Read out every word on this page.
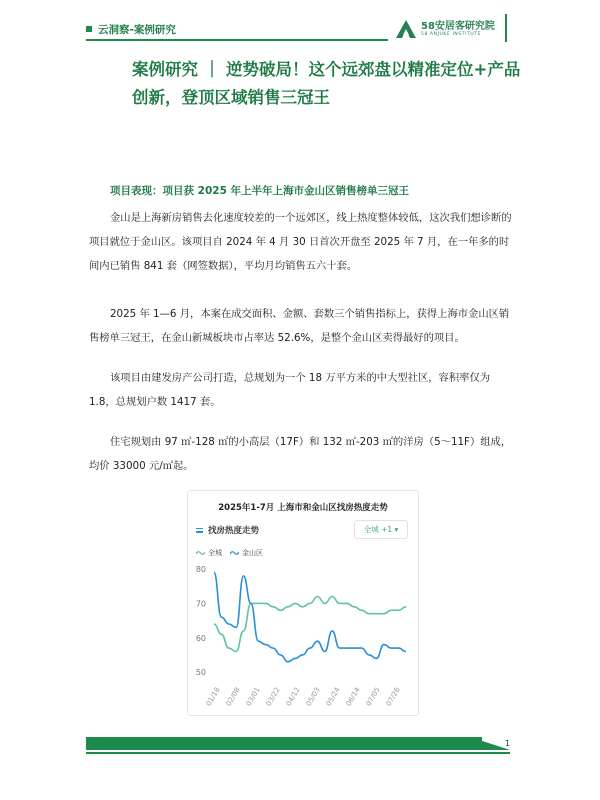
云洞察-案例研究	58安居客研究院
58 ANJUKE INSTITUTE
案例研究 ｜ 逆势破局！这个远郊盘以精准定位+产品创新，登顶区域销售三冠王
项目表现：项目获 2025 年上半年上海市金山区销售榜单三冠王

金山是上海新房销售去化速度较差的一个远郊区，线上热度整体较低，这次我们想诊断的项目就位于金山区。该项目自 2024 年 4 月 30 日首次开盘至 2025 年 7 月，在一年多的时间内已销售 841 套（网签数据），平均月均销售五六十套。

2025 年 1—6 月，本案在成交面积、金额、套数三个销售指标上，获得上海市金山区销售榜单三冠王，在金山新城板块市占率达 52.6%，是整个金山区卖得最好的项目。

该项目由建发房产公司打造，总规划为一个 18 万平方米的中大型社区，容积率仅为 1.8，总规划户数 1417 套。

住宅规划由 97 ㎡-128 ㎡的小高层（17F）和 132 ㎡-203 ㎡的洋房（5～11F）组成，均价 33000 元/㎡起。

2025年1-7月 上海市和金山区找房热度走势
找房热度走势	全城 +1 ▾
全城	金山区
50
60
70
80
01/18 02/08 03/01 03/22 04/12 05/03 05/24 06/14 07/05 07/26
1
